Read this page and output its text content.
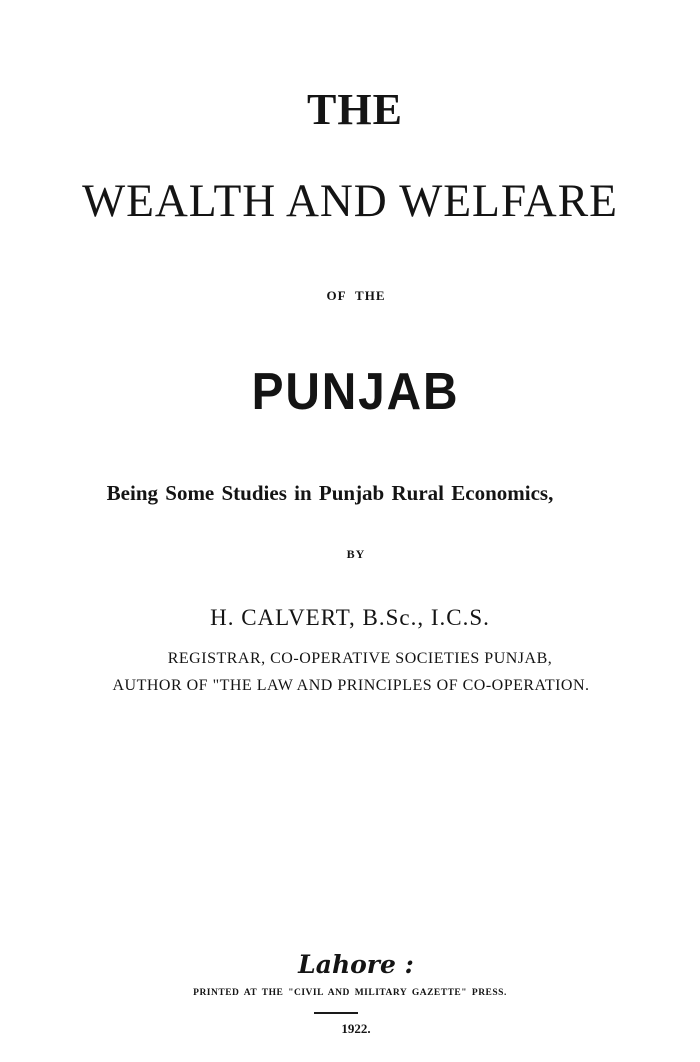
THE
WEALTH AND WELFARE
OF THE
PUNJAB
Being Some Studies in Punjab Rural Economics,
BY
H. CALVERT, B.Sc., I.C.S.
REGISTRAR, CO-OPERATIVE SOCIETIES PUNJAB,
AUTHOR OF "THE LAW AND PRINCIPLES OF CO-OPERATION.
Lahore :
PRINTED AT THE "CIVIL AND MILITARY GAZETTE" PRESS.
1922.
